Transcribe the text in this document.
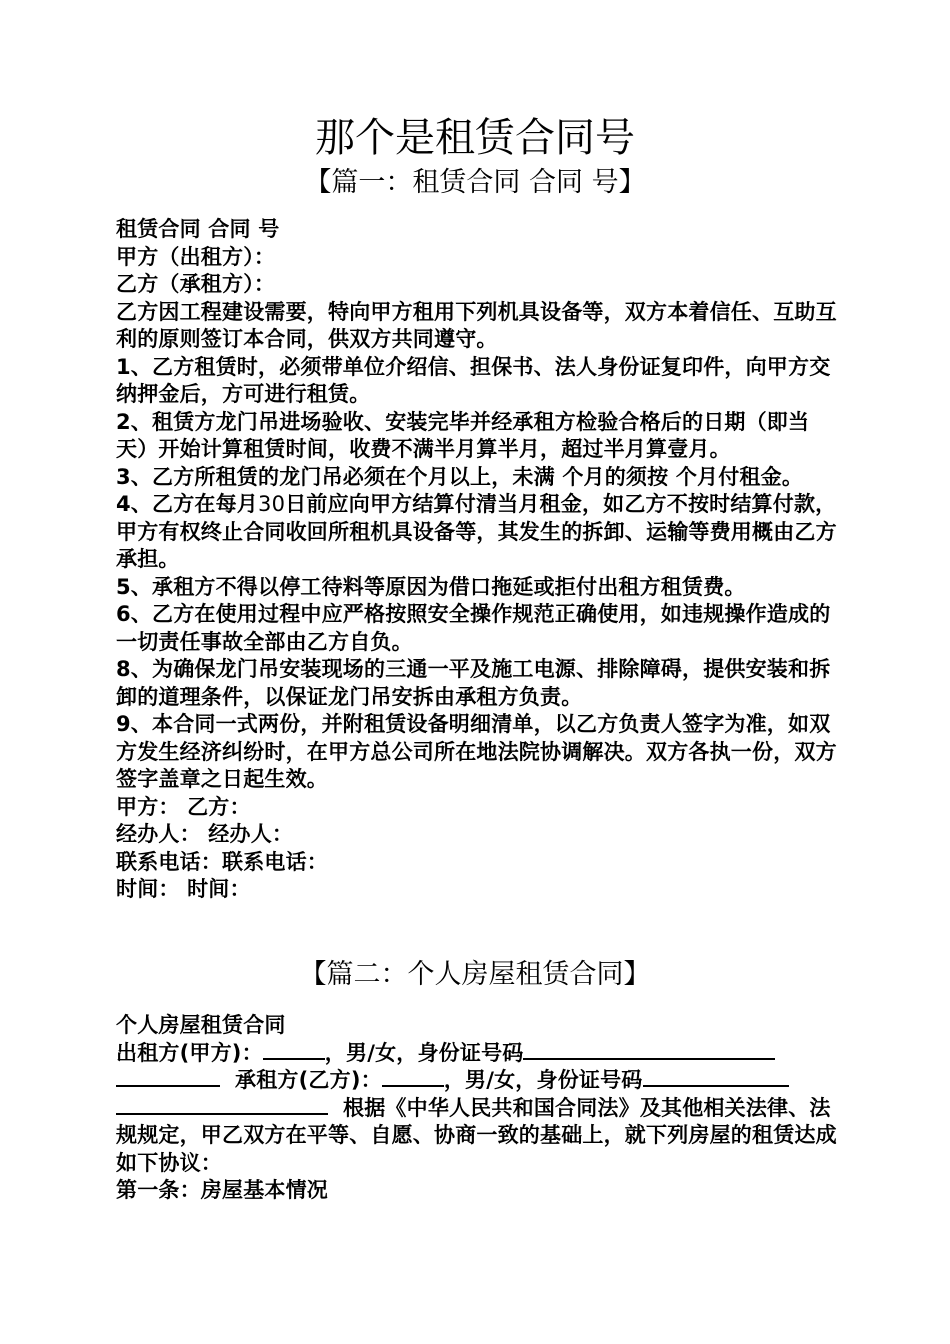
那个是租赁合同号
【篇一：租赁合同 合同 号】

租赁合同 合同 号

甲方（出租方）：

乙方（承租方）：

乙方因工程建设需要，特向甲方租用下列机具设备等，双方本着信任、互助互利的原则签订本合同，供双方共同遵守。

1、乙方租赁时，必须带单位介绍信、担保书、法人身份证复印件，向甲方交纳押金后，方可进行租赁。

2、租赁方龙门吊进场验收、安装完毕并经承租方检验合格后的日期（即当天）开始计算租赁时间，收费不满半月算半月，超过半月算壹月。

3、乙方所租赁的龙门吊必须在个月以上，未满 个月的须按 个月付租金。

4、乙方在每月30日前应向甲方结算付清当月租金，如乙方不按时结算付款，甲方有权终止合同收回所租机具设备等，其发生的拆卸、运输等费用概由乙方承担。

5、承租方不得以停工待料等原因为借口拖延或拒付出租方租赁费。

6、乙方在使用过程中应严格按照安全操作规范正确使用，如违规操作造成的一切责任事故全部由乙方自负。

8、为确保龙门吊安装现场的三通一平及施工电源、排除障碍，提供安装和拆卸的道理条件，以保证龙门吊安拆由承租方负责。

9、本合同一式两份，并附租赁设备明细清单，以乙方负责人签字为准，如双方发生经济纠纷时，在甲方总公司所在地法院协调解决。双方各执一份，双方签字盖章之日起生效。

甲方： 乙方：

经办人： 经办人：

联系电话：联系电话：

时间： 时间：

【篇二：个人房屋租赁合同】

个人房屋租赁合同

出租方(甲方)：	，男/女，身份证号码

承租方(乙方)：	，男/女，身份证号码

根据《中华人民共和国合同法》及其他相关法律、法规规定，甲乙双方在平等、自愿、协商一致的基础上，就下列房屋的租赁达成如下协议：

第一条：房屋基本情况
